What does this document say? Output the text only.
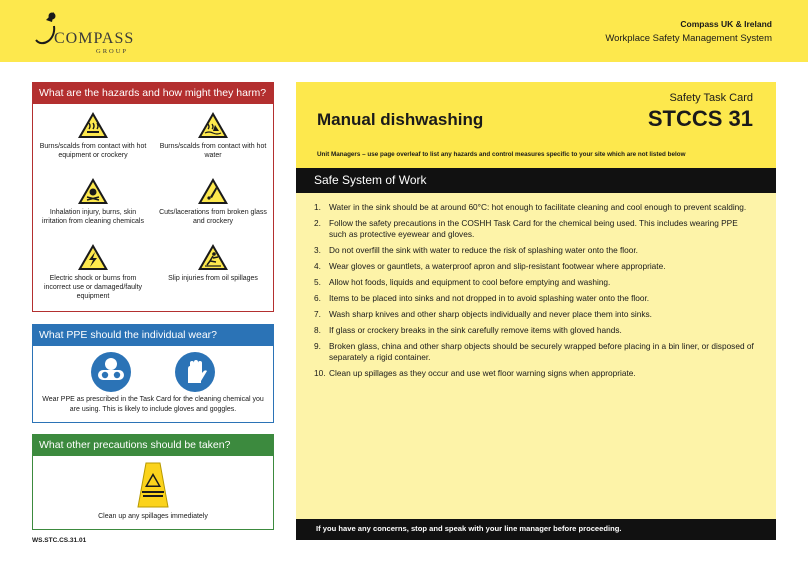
COMPASS
GROUP
Compass UK & Ireland
Workplace Safety Management System
What are the hazards and how might they harm?
Burns/scalds from contact with hot equipment or crockery
Burns/scalds from contact with hot water
Inhalation injury, burns, skin irritation from cleaning chemicals
Cuts/lacerations from broken glass and crockery
Electric shock or burns from incorrect use or damaged/faulty equipment
Slip injuries from oil spillages
What PPE should the individual wear?
Wear PPE as prescribed in the Task Card for the cleaning chemical you are using. This is likely to include gloves and goggles.
What other precautions should be taken?
Clean up any spillages immediately
WS.STC.CS.31.01
Safety Task Card
Manual dishwashing	STCCS 31
Unit Managers – use page overleaf to list any hazards and control measures specific to your site which are not listed below
Safe System of Work
1. Water in the sink should be at around 60°C: hot enough to facilitate cleaning and cool enough to prevent scalding.
2. Follow the safety precautions in the COSHH Task Card for the chemical being used. This includes wearing PPE such as protective eyewear and gloves.
3. Do not overfill the sink with water to reduce the risk of splashing water onto the floor.
4. Wear gloves or gauntlets, a waterproof apron and slip-resistant footwear where appropriate.
5. Allow hot foods, liquids and equipment to cool before emptying and washing.
6. Items to be placed into sinks and not dropped in to avoid splashing water onto the floor.
7. Wash sharp knives and other sharp objects individually and never place them into sinks.
8. If glass or crockery breaks in the sink carefully remove items with gloved hands.
9. Broken glass, china and other sharp objects should be securely wrapped before placing in a bin liner, or disposed of separately a rigid container.
10. Clean up spillages as they occur and use wet floor warning signs when appropriate.
If you have any concerns, stop and speak with your line manager before proceeding.
